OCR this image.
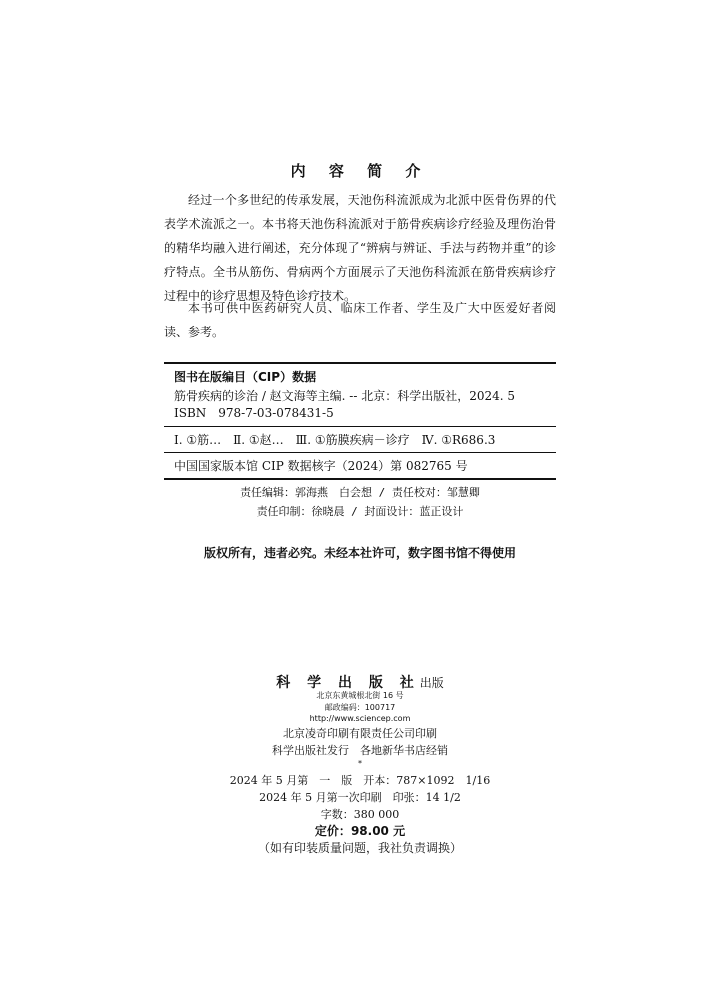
内 容 简 介

经过一个多世纪的传承发展，天池伤科流派成为北派中医骨伤界的代表学术流派之一。本书将天池伤科流派对于筋骨疾病诊疗经验及理伤治骨的精华均融入进行阐述，充分体现了“辨病与辨证、手法与药物并重”的诊疗特点。全书从筋伤、骨病两个方面展示了天池伤科流派在筋骨疾病诊疗过程中的诊疗思想及特色诊疗技术。

本书可供中医药研究人员、临床工作者、学生及广大中医爱好者阅读、参考。

图书在版编目（CIP）数据
筋骨疾病的诊治 / 赵文海等主编. -- 北京：科学出版社，2024. 5
ISBN　978-7-03-078431-5
Ⅰ. ①筋…　Ⅱ. ①赵…　Ⅲ. ①筋膜疾病－诊疗　Ⅳ. ①R686.3
中国国家版本馆 CIP 数据核字（2024）第 082765 号
责任编辑：郭海燕　白会想 / 责任校对：邹慧卿
责任印制：徐晓晨 / 封面设计：蓝正设计
版权所有，违者必究。未经本社许可，数字图书馆不得使用
科 学 出 版 社出版
北京东黄城根北街 16 号
邮政编码：100717
http://www.sciencep.com
北京凌奇印刷有限责任公司印刷
科学出版社发行　各地新华书店经销
*
2024 年 5 月第　一　版　开本：787×1092　1/16
2024 年 5 月第一次印刷　印张：14 1/2
字数：380 000
定价：98.00 元
（如有印装质量问题，我社负责调换）
